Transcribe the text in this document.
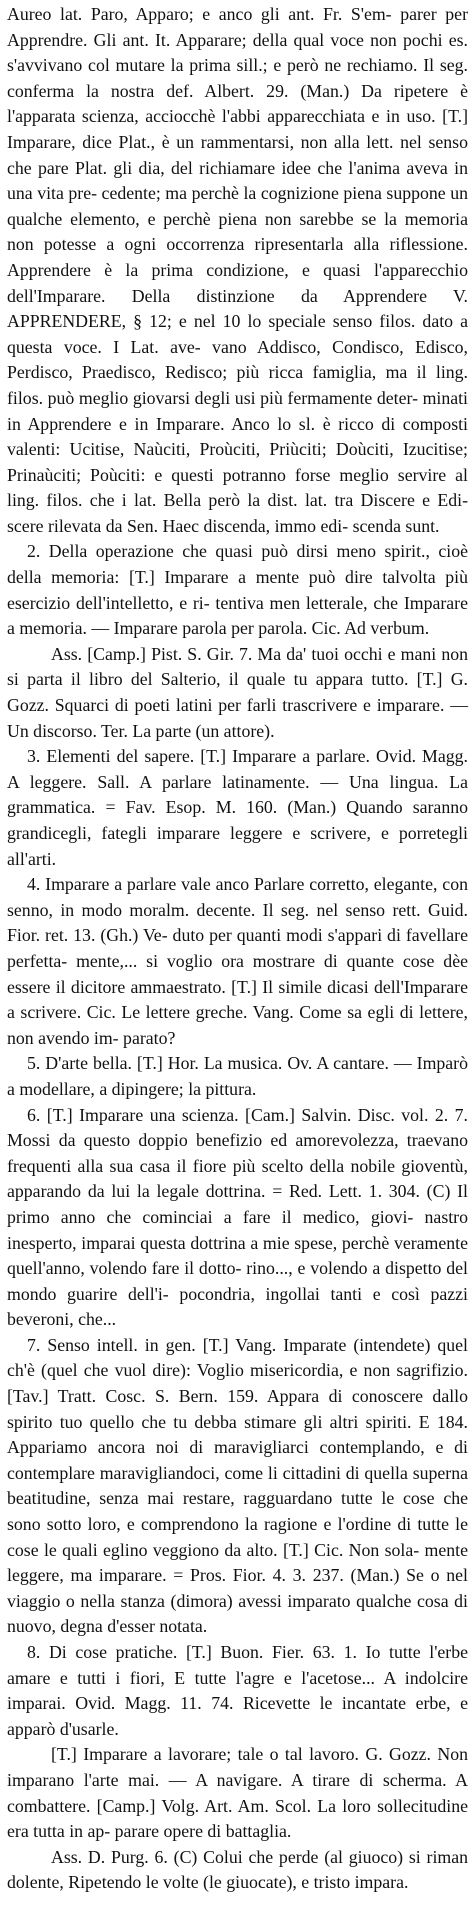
Aureo lat. Paro, Apparo; e anco gli ant. Fr. S'em- parer per Apprendre. Gli ant. It. Apparare; della qual voce non pochi es. s'avvivano col mutare la prima sill.; e però ne rechiamo. Il seg. conferma la nostra def. Albert. 29. (Man.) Da ripetere è l'apparata scienza, acciocchè l'abbi apparecchiata e in uso. [T.] Imparare, dice Plat., è un rammentarsi, non alla lett. nel senso che pare Plat. gli dia, del richiamare idee che l'anima aveva in una vita pre- cedente; ma perchè la cognizione piena suppone un qualche elemento, e perchè piena non sarebbe se la memoria non potesse a ogni occorrenza ripresentarla alla riflessione. Apprendere è la prima condizione, e quasi l'apparecchio dell'Imparare. Della distinzione da Apprendere V. APPRENDERE, § 12; e nel 10 lo speciale senso filos. dato a questa voce. I Lat. ave- vano Addisco, Condisco, Edisco, Perdisco, Praedisco, Redisco; più ricca famiglia, ma il ling. filos. può meglio giovarsi degli usi più fermamente deter- minati in Apprendere e in Imparare. Anco lo sl. è ricco di composti valenti: Ucitise, Naùciti, Proùciti, Priùciti; Doùciti, Izucitise; Prinaùciti; Poùciti: e questi potranno forse meglio servire al ling. filos. che i lat. Bella però la dist. lat. tra Discere e Edi- scere rilevata da Sen. Haec discenda, immo edi- scenda sunt.

2. Della operazione che quasi può dirsi meno spirit., cioè della memoria: [T.] Imparare a mente può dire talvolta più esercizio dell'intelletto, e ri- tentiva men letterale, che Imparare a memoria. — Imparare parola per parola. Cic. Ad verbum.

Ass. [Camp.] Pist. S. Gir. 7. Ma da' tuoi occhi e mani non si parta il libro del Salterio, il quale tu appara tutto. [T.] G. Gozz. Squarci di poeti latini per farli trascrivere e imparare. — Un discorso. Ter. La parte (un attore).

3. Elementi del sapere. [T.] Imparare a parlare. Ovid. Magg. A leggere. Sall. A parlare latinamente. — Una lingua. La grammatica. = Fav. Esop. M. 160. (Man.) Quando saranno grandicegli, fategli imparare leggere e scrivere, e porretegli all'arti.

4. Imparare a parlare vale anco Parlare corretto, elegante, con senno, in modo moralm. decente. Il seg. nel senso rett. Guid. Fior. ret. 13. (Gh.) Ve- duto per quanti modi s'appari di favellare perfetta- mente,... si voglio ora mostrare di quante cose dèe essere il dicitore ammaestrato. [T.] Il simile dicasi dell'Imparare a scrivere. Cic. Le lettere greche. Vang. Come sa egli di lettere, non avendo im- parato?

5. D'arte bella. [T.] Hor. La musica. Ov. A cantare. — Imparò a modellare, a dipingere; la pittura.

6. [T.] Imparare una scienza. [Cam.] Salvin. Disc. vol. 2. 7. Mossi da questo doppio benefizio ed amorevolezza, traevano frequenti alla sua casa il fiore più scelto della nobile gioventù, apparando da lui la legale dottrina. = Red. Lett. 1. 304. (C) Il primo anno che cominciai a fare il medico, giovi- nastro inesperto, imparai questa dottrina a mie spese, perchè veramente quell'anno, volendo fare il dotto- rino..., e volendo a dispetto del mondo guarire dell'i- pocondria, ingollai tanti e così pazzi beveroni, che...

7. Senso intell. in gen. [T.] Vang. Imparate (intendete) quel ch'è (quel che vuol dire): Voglio misericordia, e non sagrifizio. [Tav.] Tratt. Cosc. S. Bern. 159. Appara di conoscere dallo spirito tuo quello che tu debba stimare gli altri spiriti. E 184. Appariamo ancora noi di maravigliarci contemplando, e di contemplare maravigliandoci, come li cittadini di quella superna beatitudine, senza mai restare, ragguardano tutte le cose che sono sotto loro, e comprendono la ragione e l'ordine di tutte le cose le quali eglino veggiono da alto. [T.] Cic. Non sola- mente leggere, ma imparare. = Pros. Fior. 4. 3. 237. (Man.) Se o nel viaggio o nella stanza (dimora) avessi imparato qualche cosa di nuovo, degna d'esser notata.

8. Di cose pratiche. [T.] Buon. Fier. 63. 1. Io tutte l'erbe amare e tutti i fiori, E tutte l'agre e l'acetose... A indolcire imparai. Ovid. Magg. 11. 74. Ricevette le incantate erbe, e apparò d'usarle.

[T.] Imparare a lavorare; tale o tal lavoro. G. Gozz. Non imparano l'arte mai. — A navigare. A tirare di scherma. A combattere. [Camp.] Volg. Art. Am. Scol. La loro sollecitudine era tutta in ap- parare opere di battaglia.

Ass. D. Purg. 6. (C) Colui che perde (al giuoco) si riman dolente, Ripetendo le volte (le giuocate), e tristo impara.
